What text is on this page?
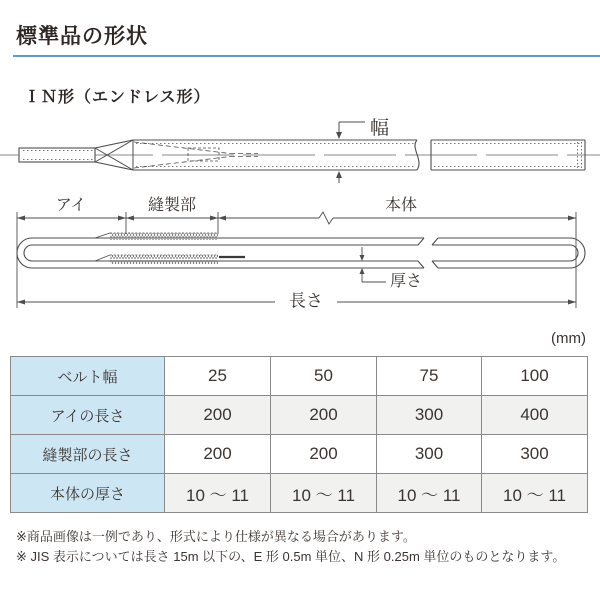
標準品の形状
ＩＮ形（エンドレス形）
幅
アイ	縫製部	本体
厚さ
長さ
(mm)
ベルト幅	25	50	75	100
アイの長さ	200	200	300	400
縫製部の長さ	200	200	300	300
本体の厚さ	10 ～ 11	10 ～ 11	10 ～ 11	10 ～ 11
※商品画像は一例であり、形式により仕様が異なる場合があります。
※ JIS 表示については長さ 15m 以下の、E 形 0.5m 単位、N 形 0.25m 単位のものとなります。
